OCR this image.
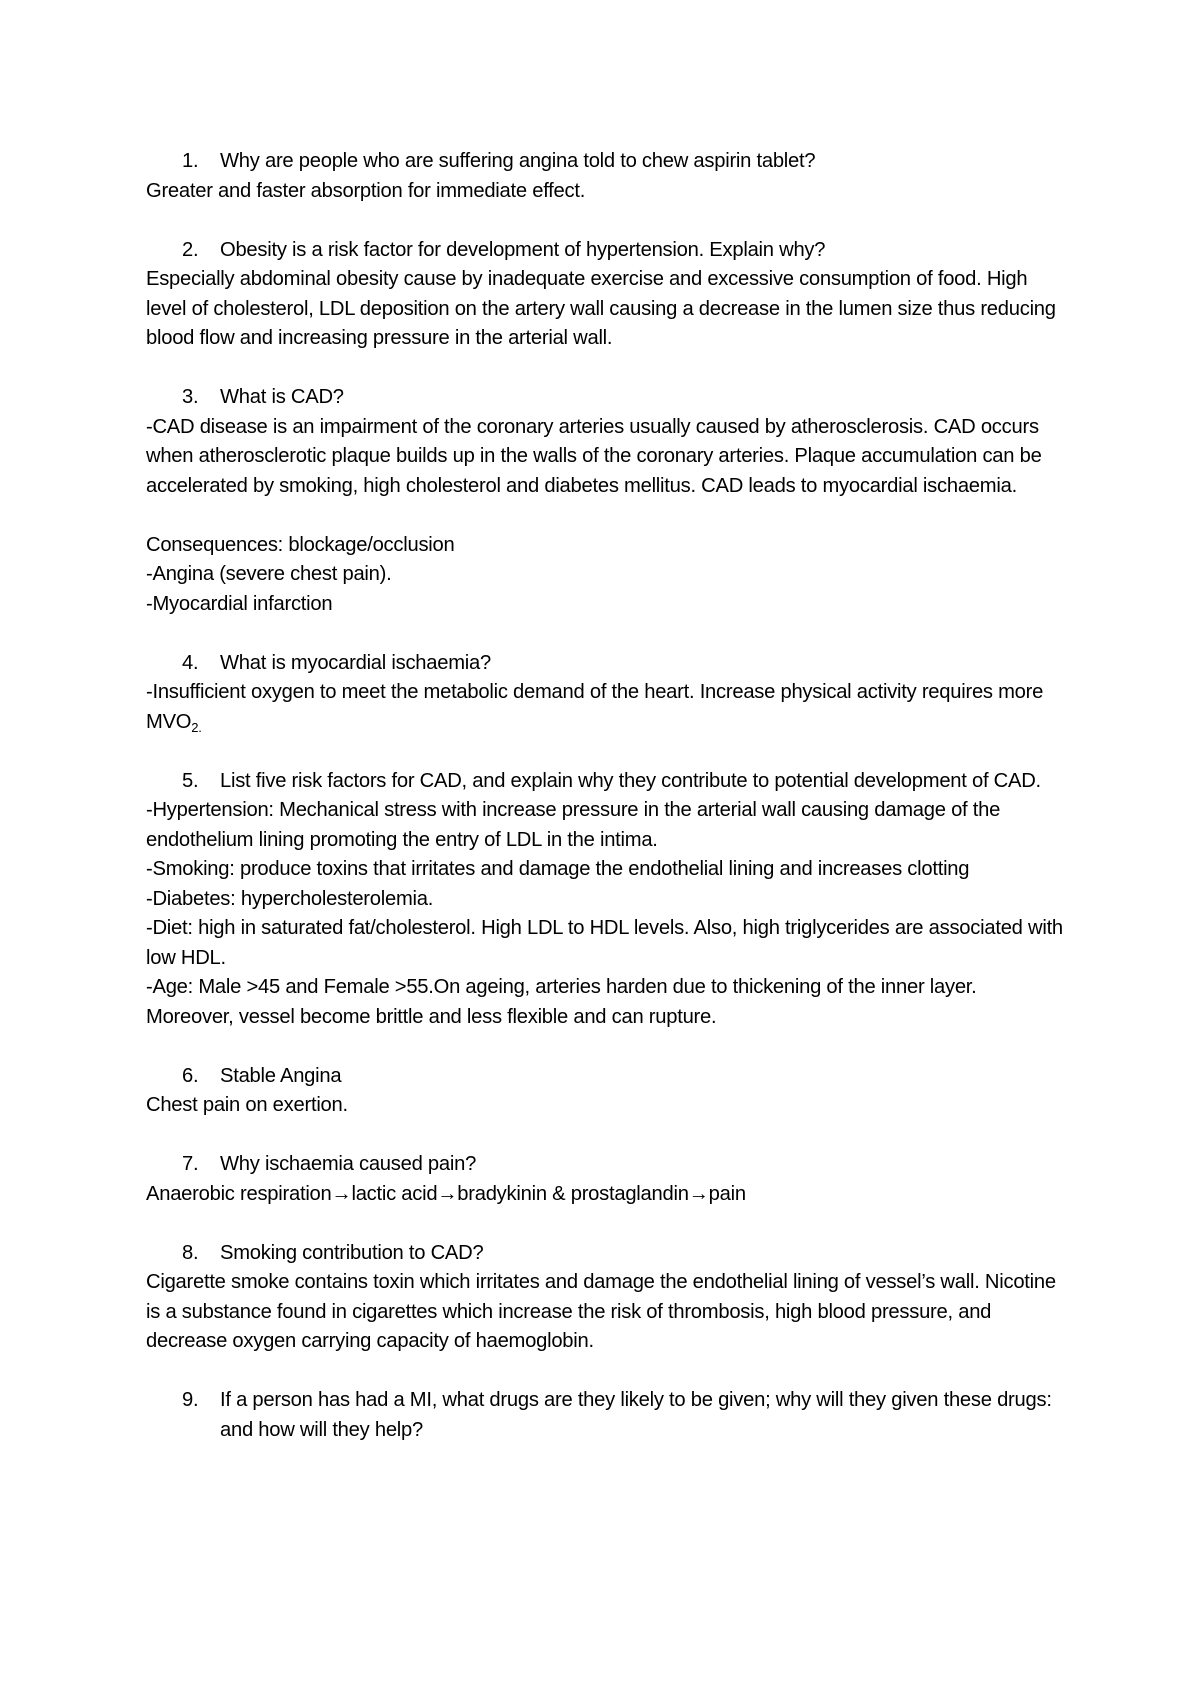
1. Why are people who are suffering angina told to chew aspirin tablet?

Greater and faster absorption for immediate effect.

2. Obesity is a risk factor for development of hypertension. Explain why?

Especially abdominal obesity cause by inadequate exercise and excessive consumption of food. High level of cholesterol, LDL deposition on the artery wall causing a decrease in the lumen size thus reducing blood flow and increasing pressure in the arterial wall.

3. What is CAD?

-CAD disease is an impairment of the coronary arteries usually caused by atherosclerosis. CAD occurs when atherosclerotic plaque builds up in the walls of the coronary arteries. Plaque accumulation can be accelerated by smoking, high cholesterol and diabetes mellitus. CAD leads to myocardial ischaemia.

Consequences: blockage/occlusion

-Angina (severe chest pain).

-Myocardial infarction

4. What is myocardial ischaemia?

-Insufficient oxygen to meet the metabolic demand of the heart. Increase physical activity requires more $MVO_{2.}$

5. List five risk factors for CAD, and explain why they contribute to potential development of CAD.

-Hypertension: Mechanical stress with increase pressure in the arterial wall causing damage of the endothelium lining promoting the entry of LDL in the intima.

-Smoking: produce toxins that irritates and damage the endothelial lining and increases clotting

-Diabetes: hypercholesterolemia.

-Diet: high in saturated fat/cholesterol. High LDL to HDL levels. Also, high triglycerides are associated with low HDL.

-Age: Male >45 and Female >55.On ageing, arteries harden due to thickening of the inner layer. Moreover, vessel become brittle and less flexible and can rupture.

6. Stable Angina

Chest pain on exertion.

7. Why ischaemia caused pain?

Anaerobic respiration→lactic acid→bradykinin & prostaglandin→pain

8. Smoking contribution to CAD?

Cigarette smoke contains toxin which irritates and damage the endothelial lining of vessel’s wall. Nicotine is a substance found in cigarettes which increase the risk of thrombosis, high blood pressure, and decrease oxygen carrying capacity of haemoglobin.

9. If a person has had a MI, what drugs are they likely to be given; why will they given these drugs: and how will they help?
